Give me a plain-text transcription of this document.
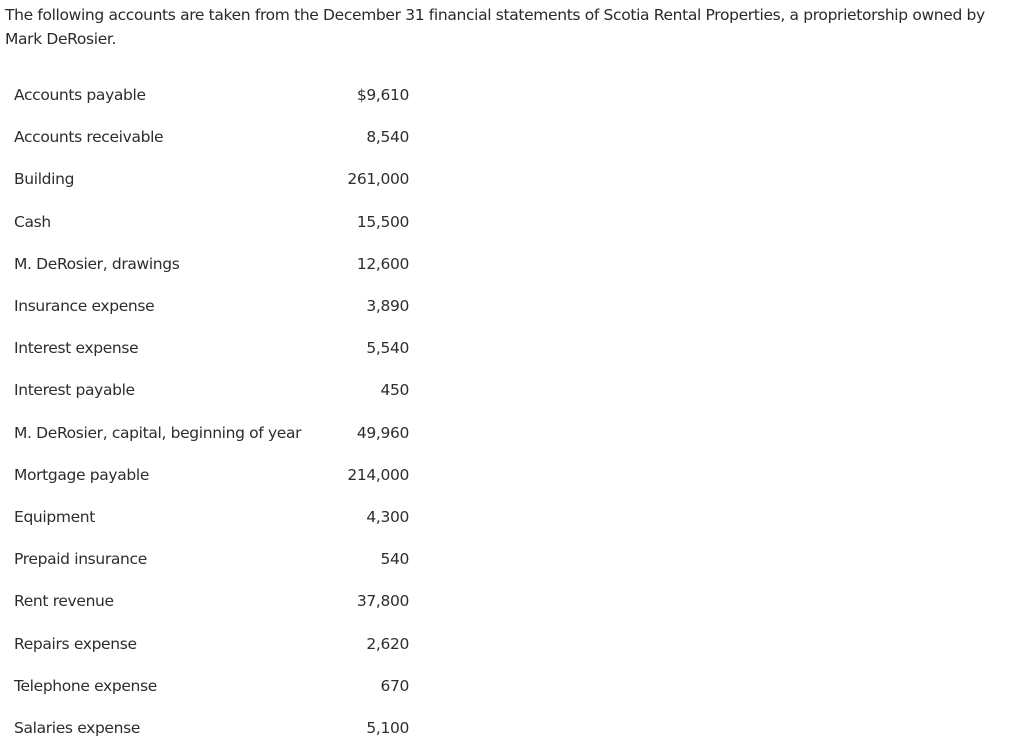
The following accounts are taken from the December 31 financial statements of Scotia Rental Properties, a proprietorship owned by Mark DeRosier.

Accounts payable	$9,610
Accounts receivable	8,540
Building	261,000
Cash	15,500
M. DeRosier, drawings	12,600
Insurance expense	3,890
Interest expense	5,540
Interest payable	450
M. DeRosier, capital, beginning of year	49,960
Mortgage payable	214,000
Equipment	4,300
Prepaid insurance	540
Rent revenue	37,800
Repairs expense	2,620
Telephone expense	670
Salaries expense	5,100
